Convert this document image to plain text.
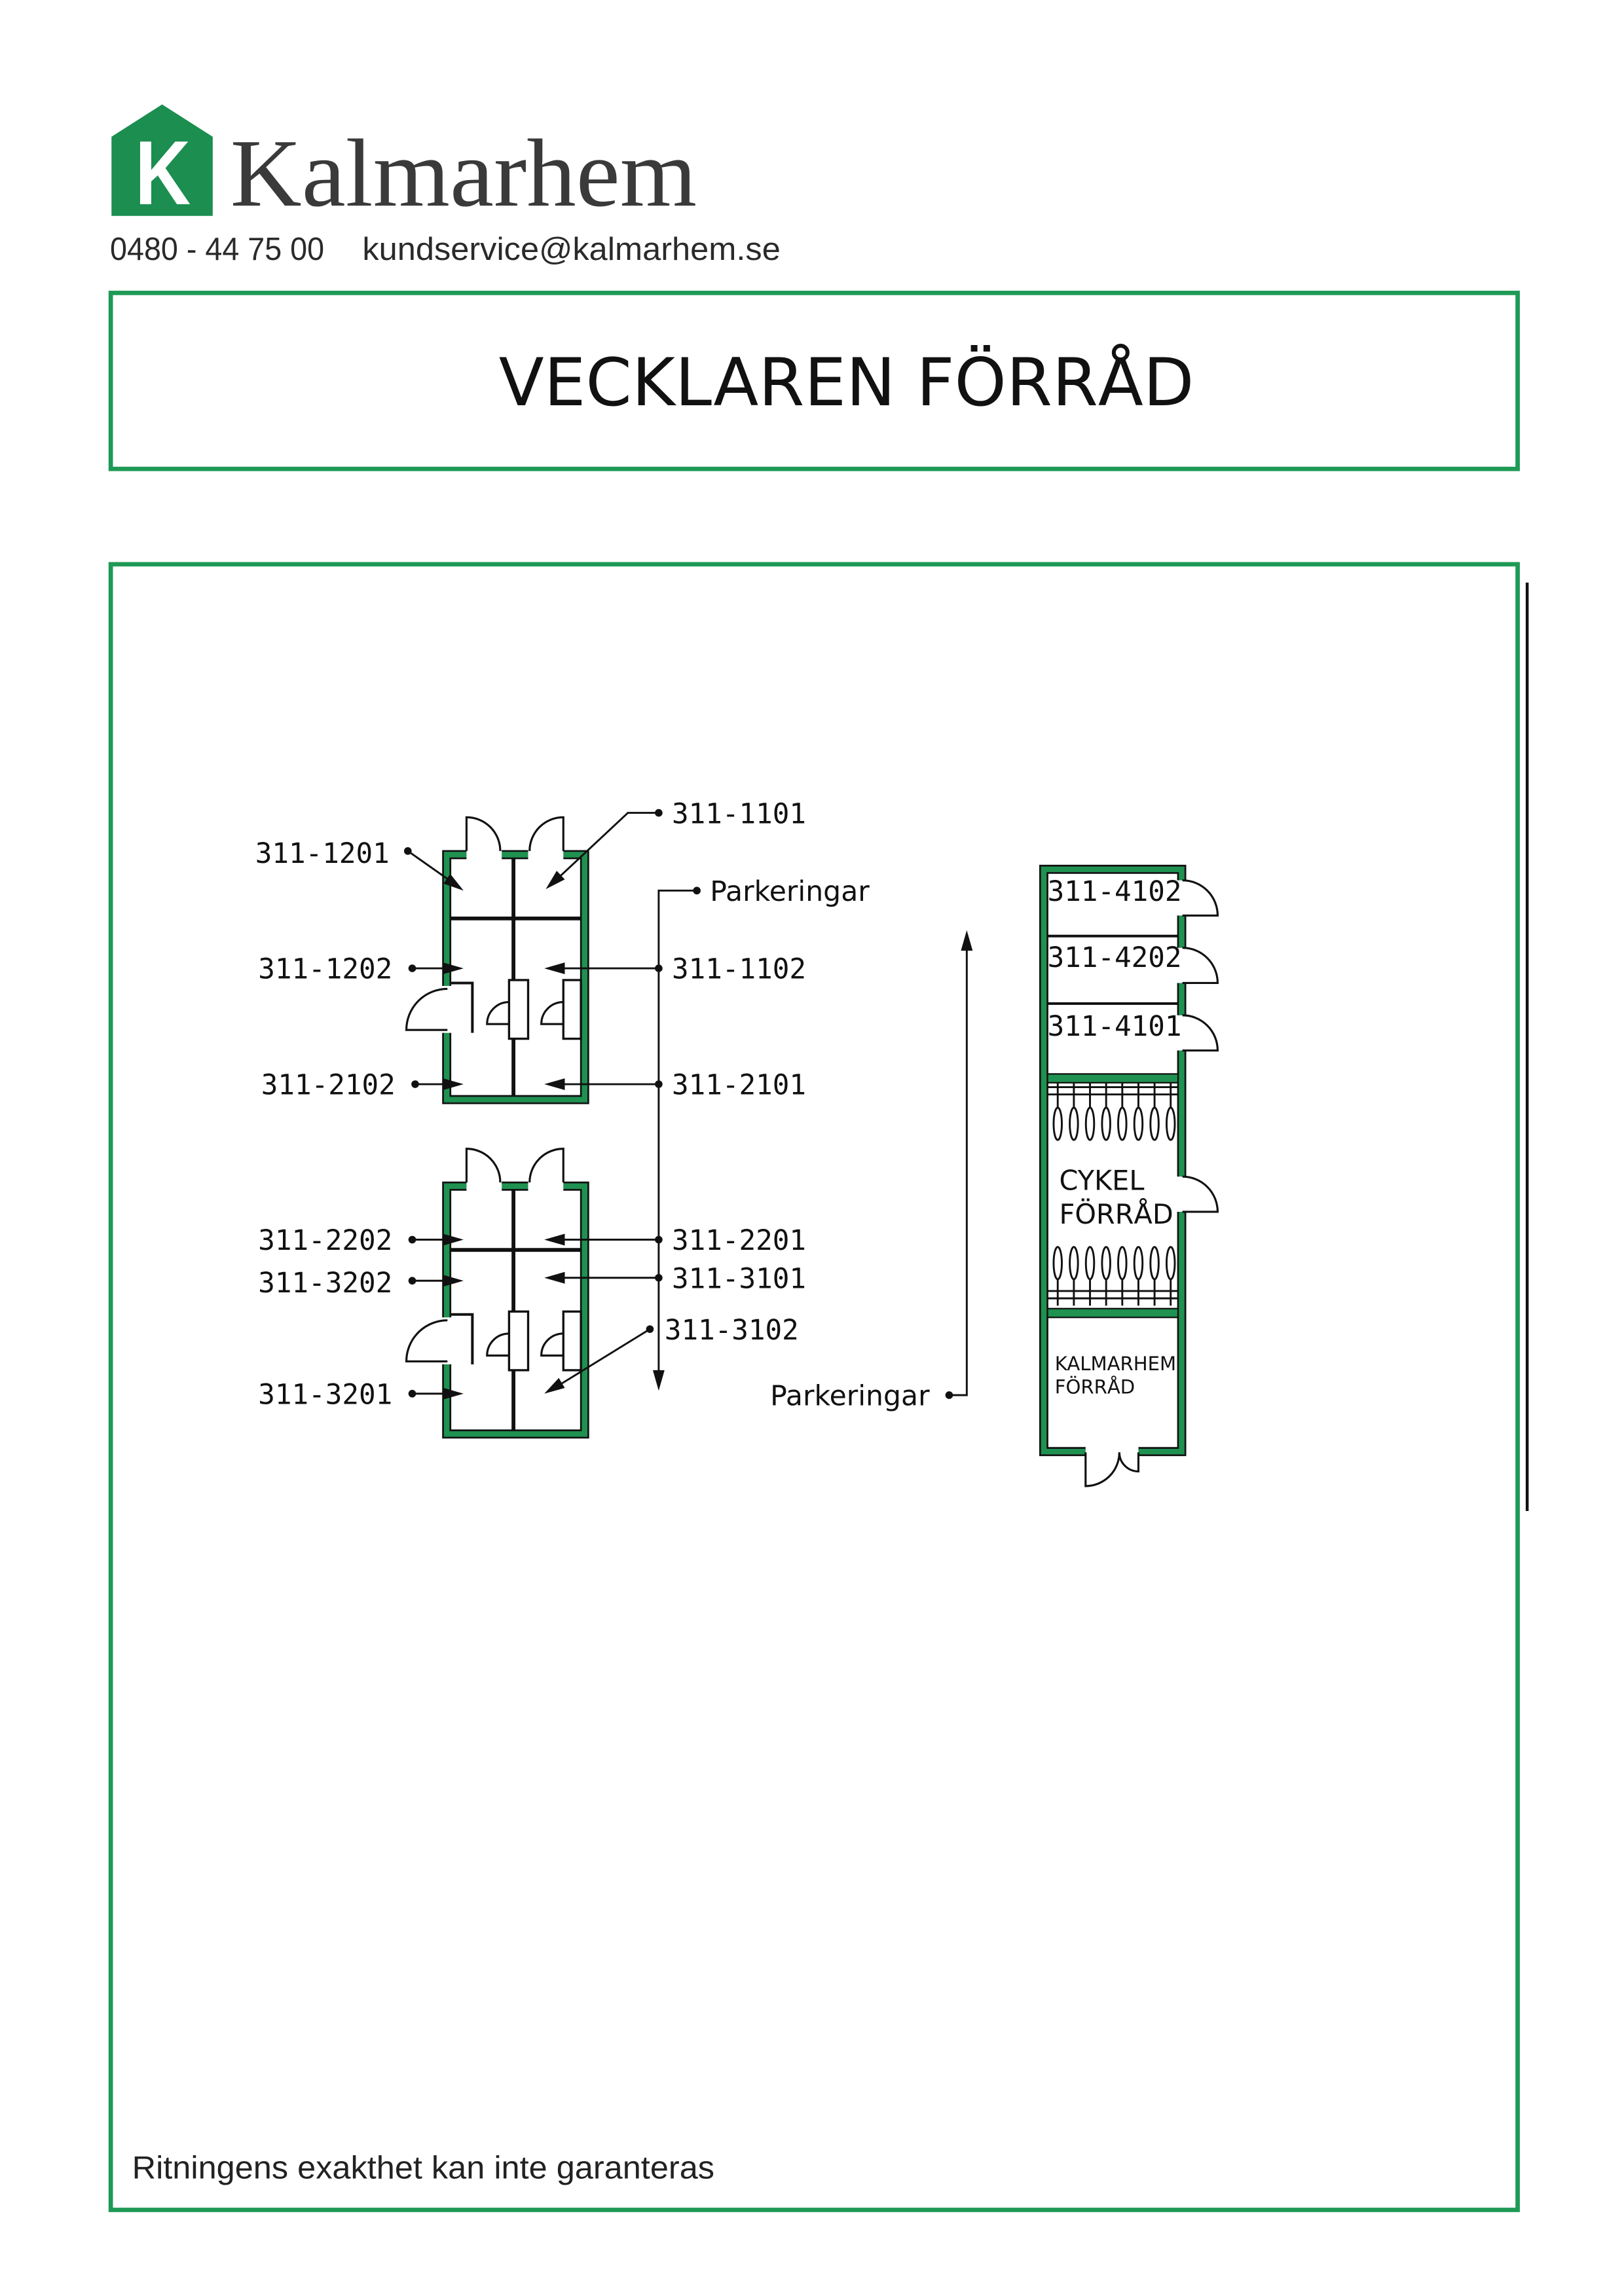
K Kalmarhem
0480 - 44 75 00	kundservice@kalmarhem.se
VECKLAREN FÖRRÅD
311-1201
311-1101
311-1202	311-1102
311-2102	311-2101
311-2202	311-2201
311-3202	311-3101
311-3102
311-3201
Parkeringar
Parkeringar
311-4102
311-4202
311-4101
CYKEL
FÖRRÅD
KALMARHEM
FÖRRÅD
Ritningens exakthet kan inte garanteras
